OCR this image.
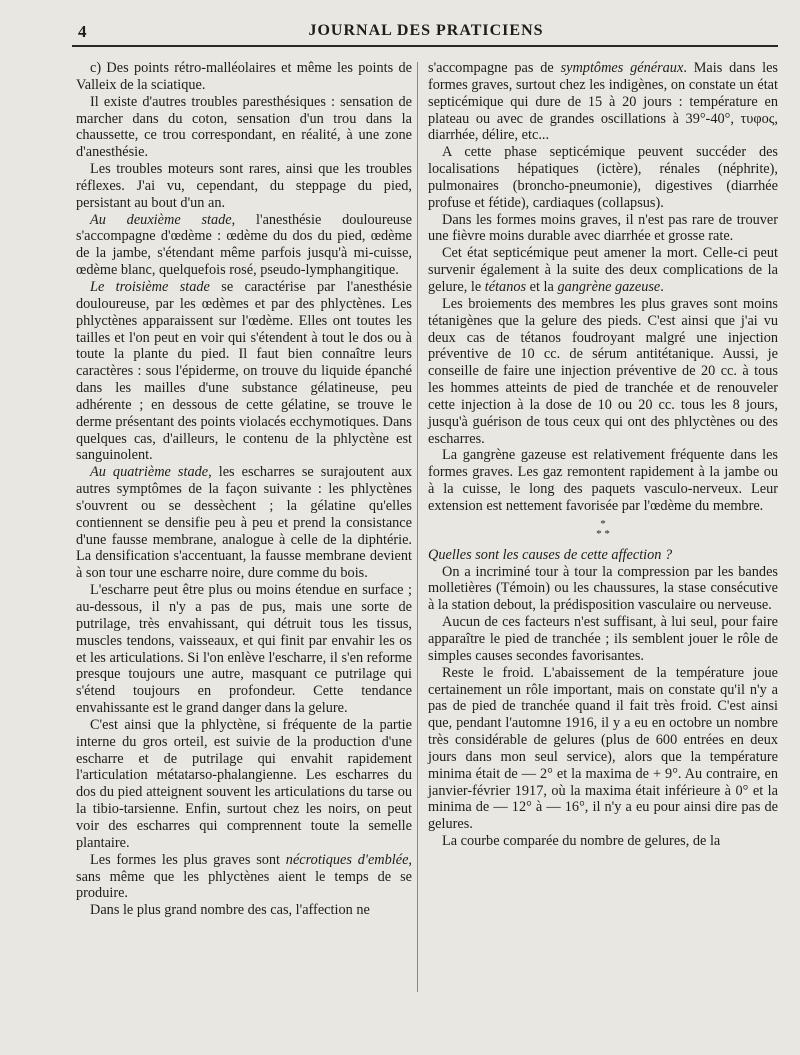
4	JOURNAL DES PRATICIENS

c) Des points rétro-malléolaires et même les points de Valleix de la sciatique.

Il existe d'autres troubles paresthésiques : sensation de marcher dans du coton, sensation d'un trou dans la chaussette, ce trou correspondant, en réalité, à une zone d'anesthésie.

Les troubles moteurs sont rares, ainsi que les troubles réflexes. J'ai vu, cependant, du steppage du pied, persistant au bout d'un an.

Au deuxième stade, l'anesthésie douloureuse s'accompagne d'œdème : œdème du dos du pied, œdème de la jambe, s'étendant même parfois jusqu'à mi-cuisse, œdème blanc, quelquefois rosé, pseudo-lymphangitique.

Le troisième stade se caractérise par l'anesthésie douloureuse, par les œdèmes et par des phlyctènes. Les phlyctènes apparaissent sur l'œdème. Elles ont toutes les tailles et l'on peut en voir qui s'étendent à tout le dos ou à toute la plante du pied. Il faut bien connaître leurs caractères : sous l'épiderme, on trouve du liquide épanché dans les mailles d'une substance gélatineuse, peu adhérente ; en dessous de cette gélatine, se trouve le derme présentant des points violacés ecchymotiques. Dans quelques cas, d'ailleurs, le contenu de la phlyctène est sanguinolent.

Au quatrième stade, les escharres se surajoutent aux autres symptômes de la façon suivante : les phlyctènes s'ouvrent ou se dessèchent ; la gélatine qu'elles contiennent se densifie peu à peu et prend la consistance d'une fausse membrane, analogue à celle de la diphtérie. La densification s'accentuant, la fausse membrane devient à son tour une escharre noire, dure comme du bois.

L'escharre peut être plus ou moins étendue en surface ; au-dessous, il n'y a pas de pus, mais une sorte de putrilage, très envahissant, qui détruit tous les tissus, muscles tendons, vaisseaux, et qui finit par envahir les os et les articulations. Si l'on enlève l'escharre, il s'en reforme presque toujours une autre, masquant ce putrilage qui s'étend toujours en profondeur. Cette tendance envahissante est le grand danger dans la gelure.

C'est ainsi que la phlyctène, si fréquente de la partie interne du gros orteil, est suivie de la production d'une escharre et de putrilage qui envahit rapidement l'articulation métatarso-phalangienne. Les escharres du dos du pied atteignent souvent les articulations du tarse ou la tibio-tarsienne. Enfin, surtout chez les noirs, on peut voir des escharres qui comprennent toute la semelle plantaire.

Les formes les plus graves sont nécrotiques d'emblée, sans même que les phlyctènes aient le temps de se produire.

Dans le plus grand nombre des cas, l'affection ne

s'accompagne pas de symptômes généraux. Mais dans les formes graves, surtout chez les indigènes, on constate un état septicémique qui dure de 15 à 20 jours : température en plateau ou avec de grandes oscillations à 39°-40°, τυφος, diarrhée, délire, etc...

A cette phase septicémique peuvent succéder des localisations hépatiques (ictère), rénales (néphrite), pulmonaires (broncho-pneumonie), digestives (diarrhée profuse et fétide), cardiaques (collapsus).

Dans les formes moins graves, il n'est pas rare de trouver une fièvre moins durable avec diarrhée et grosse rate.

Cet état septicémique peut amener la mort. Celle-ci peut survenir également à la suite des deux complications de la gelure, le tétanos et la gangrène gazeuse.

Les broiements des membres les plus graves sont moins tétanigènes que la gelure des pieds. C'est ainsi que j'ai vu deux cas de tétanos foudroyant malgré une injection préventive de 10 cc. de sérum antitétanique. Aussi, je conseille de faire une injection préventive de 20 cc. à tous les hommes atteints de pied de tranchée et de renouveler cette injection à la dose de 10 ou 20 cc. tous les 8 jours, jusqu'à guérison de tous ceux qui ont des phlyctènes ou des escharres.

La gangrène gazeuse est relativement fréquente dans les formes graves. Les gaz remontent rapidement à la jambe ou à la cuisse, le long des paquets vasculo-nerveux. Leur extension est nettement favorisée par l'œdème du membre.

*
* *

Quelles sont les causes de cette affection ?

On a incriminé tour à tour la compression par les bandes molletières (Témoin) ou les chaussures, la stase consécutive à la station debout, la prédisposition vasculaire ou nerveuse.

Aucun de ces facteurs n'est suffisant, à lui seul, pour faire apparaître le pied de tranchée ; ils semblent jouer le rôle de simples causes secondes favorisantes.

Reste le froid. L'abaissement de la température joue certainement un rôle important, mais on constate qu'il n'y a pas de pied de tranchée quand il fait très froid. C'est ainsi que, pendant l'automne 1916, il y a eu en octobre un nombre très considérable de gelures (plus de 600 entrées en deux jours dans mon seul service), alors que la température minima était de — 2° et la maxima de + 9°. Au contraire, en janvier-février 1917, où la maxima était inférieure à 0° et la minima de — 12° à — 16°, il n'y a eu pour ainsi dire pas de gelures.

La courbe comparée du nombre de gelures, de la
